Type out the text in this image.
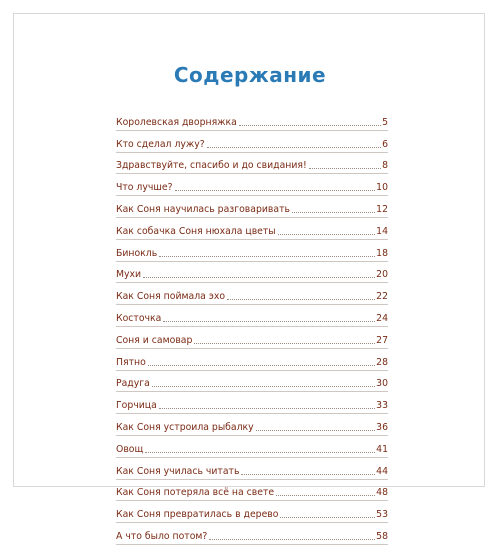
Содержание
Королевская дворняжка	5
Кто сделал лужу?	6
Здравствуйте, спасибо и до свидания!	8
Что лучше?	10
Как Соня научилась разговаривать	12
Как собачка Соня нюхала цветы	14
Бинокль	18
Мухи	20
Как Соня поймала эхо	22
Косточка	24
Соня и самовар	27
Пятно	28
Радуга	30
Горчица	33
Как Соня устроила рыбалку	36
Овощ	41
Как Соня училась читать	44
Как Соня потеряла всё на свете	48
Как Соня превратилась в дерево	53
А что было потом?	58
